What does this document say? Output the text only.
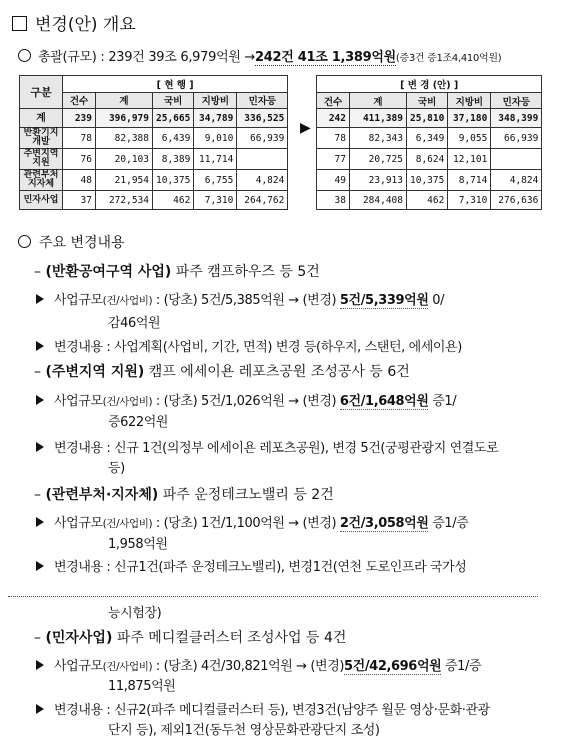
변경(안) 개요
총괄(규모) : 239건 39조 6,979억원 →242건 41조 1,389억원(증3건 증1조4,410억원)
구분	[ 현 행 ]				
	건수	계	국비	지방비	민자등
계	239	396,979	25,665	34,789	336,525
반환기지 개발	78	82,388	6,439	9,010	66,939
주변지역 지원	76	20,103	8,389	11,714	
관련부처 지자체	48	21,954	10,375	6,755	4,824
민자사업	37	272,534	462	7,310	264,762
[ 변 경 (안) ]				
건수	계	국비	지방비	민자등
242	411,389	25,810	37,180	348,399
78	82,343	6,349	9,055	66,939
77	20,725	8,624	12,101	
49	23,913	10,375	8,714	4,824
38	284,408	462	7,310	276,636
▶
주요 변경내용
– (반환공여구역 사업) 파주 캠프하우즈 등 5건
사업규모(건/사업비) : (당초) 5건/5,385억원 → (변경) 5건/5,339억원 0/
감46억원
변경내용 : 사업계획(사업비, 기간, 면적) 변경 등(하우지, 스탠턴, 에세이욘)
– (주변지역 지원) 캠프 에세이욘 레포츠공원 조성공사 등 6건
사업규모(건/사업비) : (당초) 5건/1,026억원 → (변경) 6건/1,648억원 증1/
증622억원
변경내용 : 신규 1건(의정부 에세이욘 레포츠공원), 변경 5건(궁평관광지 연결도로
등)
– (관련부처·지자체) 파주 운정테크노밸리 등 2건
사업규모(건/사업비) : (당초) 1건/1,100억원 → (변경) 2건/3,058억원 증1/증
1,958억원
변경내용 : 신규1건(파주 운정테크노밸리), 변경1건(연천 도로인프라 국가성
능시험장)
– (민자사업) 파주 메디컬클러스터 조성사업 등 4건
사업규모(건/사업비) : (당초) 4건/30,821억원 → (변경)5건/42,696억원 증1/증
11,875억원
변경내용 : 신규2(파주 메디컬클러스터 등), 변경3건(남양주 월문 영상·문화·관광
단지 등), 제외1건(동두천 영상문화관광단지 조성)
